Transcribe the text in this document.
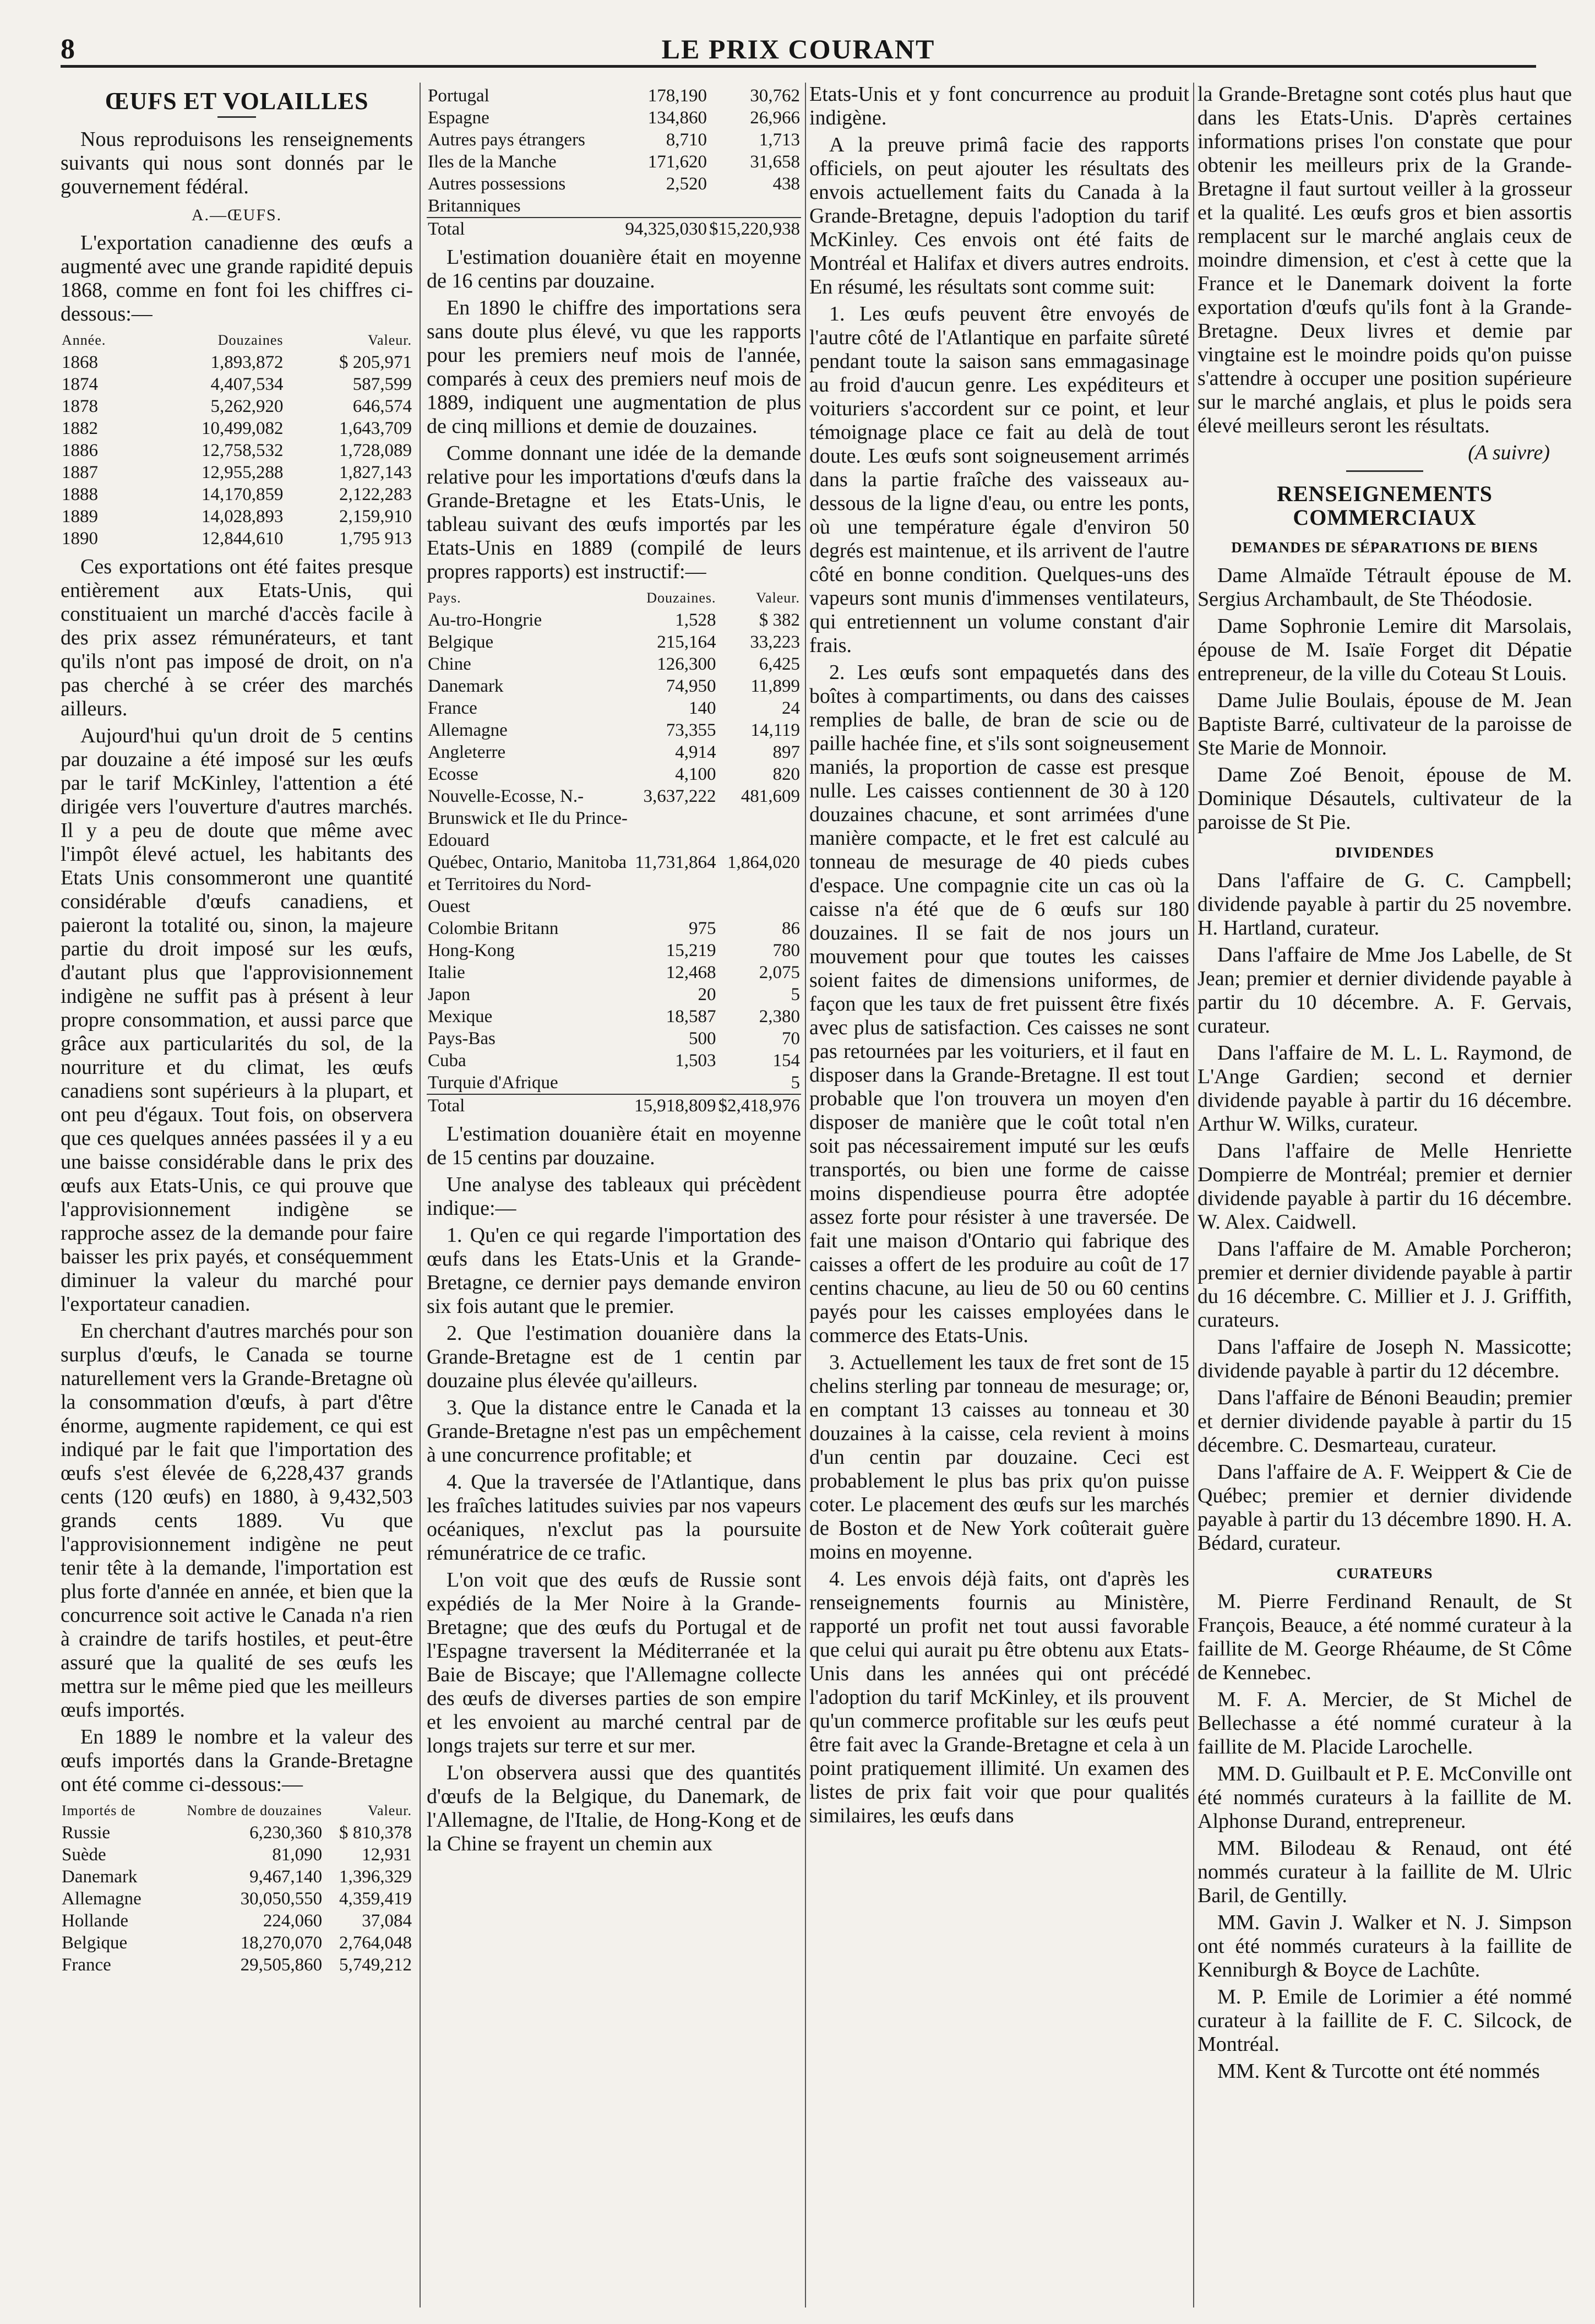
8	LE PRIX COURANT
ŒUFS ET VOLAILLES

Nous reproduisons les renseignements suivants qui nous sont donnés par le gouvernement fédéral.

A.—ŒUFS.

L'exportation canadienne des œufs a augmenté avec une grande rapidité depuis 1868, comme en font foi les chiffres ci-dessous:—

Année.	Douzaines	Valeur.
1868	1,893,872	$ 205,971
1874	4,407,534	587,599
1878	5,262,920	646,574
1882	10,499,082	1,643,709
1886	12,758,532	1,728,089
1887	12,955,288	1,827,143
1888	14,170,859	2,122,283
1889	14,028,893	2,159,910
1890	12,844,610	1,795 913

Ces exportations ont été faites presque entièrement aux Etats-Unis, qui constituaient un marché d'accès facile à des prix assez rémunérateurs, et tant qu'ils n'ont pas imposé de droit, on n'a pas cherché à se créer des marchés ailleurs.

Aujourd'hui qu'un droit de 5 centins par douzaine a été imposé sur les œufs par le tarif McKinley, l'attention a été dirigée vers l'ouverture d'autres marchés. Il y a peu de doute que même avec l'impôt élevé actuel, les habitants des Etats Unis consommeront une quantité considérable d'œufs canadiens, et paieront la totalité ou, sinon, la majeure partie du droit imposé sur les œufs, d'autant plus que l'approvisionnement indigène ne suffit pas à présent à leur propre consommation, et aussi parce que grâce aux particularités du sol, de la nourriture et du climat, les œufs canadiens sont supérieurs à la plupart, et ont peu d'égaux. Tout fois, on observera que ces quelques années passées il y a eu une baisse considérable dans le prix des œufs aux Etats-Unis, ce qui prouve que l'approvisionnement indigène se rapproche assez de la demande pour faire baisser les prix payés, et conséquemment diminuer la valeur du marché pour l'exportateur canadien.

En cherchant d'autres marchés pour son surplus d'œufs, le Canada se tourne naturellement vers la Grande-Bretagne où la consommation d'œufs, à part d'être énorme, augmente rapidement, ce qui est indiqué par le fait que l'importation des œufs s'est élevée de 6,228,437 grands cents (120 œufs) en 1880, à 9,432,503 grands cents 1889. Vu que l'approvisionnement indigène ne peut tenir tête à la demande, l'importation est plus forte d'année en année, et bien que la concurrence soit active le Canada n'a rien à craindre de tarifs hostiles, et peut-être assuré que la qualité de ses œufs les mettra sur le même pied que les meilleurs œufs importés.

En 1889 le nombre et la valeur des œufs importés dans la Grande-Bretagne ont été comme ci-dessous:—

Importés de	Nombre de douzaines	Valeur.
Russie	6,230,360	$ 810,378
Suède	81,090	12,931
Danemark	9,467,140	1,396,329
Allemagne	30,050,550	4,359,419
Hollande	224,060	37,084
Belgique	18,270,070	2,764,048
France	29,505,860	5,749,212
Portugal	178,190	30,762
Espagne	134,860	26,966
Autres pays étrangers	8,710	1,713
Iles de la Manche	171,620	31,658
Autres possessions Britanniques	2,520	438
Total	94,325,030	$15,220,938

L'estimation douanière était en moyenne de 16 centins par douzaine.

En 1890 le chiffre des importations sera sans doute plus élevé, vu que les rapports pour les premiers neuf mois de l'année, comparés à ceux des premiers neuf mois de 1889, indiquent une augmentation de plus de cinq millions et demie de douzaines.

Comme donnant une idée de la demande relative pour les importations d'œufs dans la Grande-Bretagne et les Etats-Unis, le tableau suivant des œufs importés par les Etats-Unis en 1889 (compilé de leurs propres rapports) est instructif:—

Pays.	Douzaines.	Valeur.
Au-tro-Hongrie	1,528	$ 382
Belgique	215,164	33,223
Chine	126,300	6,425
Danemark	74,950	11,899
France	140	24
Allemagne	73,355	14,119
Angleterre	4,914	897
Ecosse	4,100	820
Nouvelle-Ecosse, N.-Brunswick et Ile du Prince-Edouard	3,637,222	481,609
Québec, Ontario, Manitoba et Territoires du Nord-Ouest	11,731,864	1,864,020
Colombie Britann	975	86
Hong-Kong	15,219	780
Italie	12,468	2,075
Japon	20	5
Mexique	18,587	2,380
Pays-Bas	500	70
Cuba	1,503	154
Turquie d'Afrique		5
Total	15,918,809	$2,418,976

L'estimation douanière était en moyenne de 15 centins par douzaine.

Une analyse des tableaux qui précèdent indique:—

1. Qu'en ce qui regarde l'importation des œufs dans les Etats-Unis et la Grande-Bretagne, ce dernier pays demande environ six fois autant que le premier.

2. Que l'estimation douanière dans la Grande-Bretagne est de 1 centin par douzaine plus élevée qu'ailleurs.

3. Que la distance entre le Canada et la Grande-Bretagne n'est pas un empêchement à une concurrence profitable; et

4. Que la traversée de l'Atlantique, dans les fraîches latitudes suivies par nos vapeurs océaniques, n'exclut pas la poursuite rémunératrice de ce trafic.

L'on voit que des œufs de Russie sont expédiés de la Mer Noire à la Grande-Bretagne; que des œufs du Portugal et de l'Espagne traversent la Méditerranée et la Baie de Biscaye; que l'Allemagne collecte des œufs de diverses parties de son empire et les envoient au marché central par de longs trajets sur terre et sur mer.

L'on observera aussi que des quantités d'œufs de la Belgique, du Danemark, de l'Allemagne, de l'Italie, de Hong-Kong et de la Chine se frayent un chemin aux

Etats-Unis et y font concurrence au produit indigène.

A la preuve primâ facie des rapports officiels, on peut ajouter les résultats des envois actuellement faits du Canada à la Grande-Bretagne, depuis l'adoption du tarif McKinley. Ces envois ont été faits de Montréal et Halifax et divers autres endroits. En résumé, les résultats sont comme suit:

1. Les œufs peuvent être envoyés de l'autre côté de l'Atlantique en parfaite sûreté pendant toute la saison sans emmagasinage au froid d'aucun genre. Les expéditeurs et voituriers s'accordent sur ce point, et leur témoignage place ce fait au delà de tout doute. Les œufs sont soigneusement arrimés dans la partie fraîche des vaisseaux au-dessous de la ligne d'eau, ou entre les ponts, où une température égale d'environ 50 degrés est maintenue, et ils arrivent de l'autre côté en bonne condition. Quelques-uns des vapeurs sont munis d'immenses ventilateurs, qui entretiennent un volume constant d'air frais.

2. Les œufs sont empaquetés dans des boîtes à compartiments, ou dans des caisses remplies de balle, de bran de scie ou de paille hachée fine, et s'ils sont soigneusement maniés, la proportion de casse est presque nulle. Les caisses contiennent de 30 à 120 douzaines chacune, et sont arrimées d'une manière compacte, et le fret est calculé au tonneau de mesurage de 40 pieds cubes d'espace. Une compagnie cite un cas où la caisse n'a été que de 6 œufs sur 180 douzaines. Il se fait de nos jours un mouvement pour que toutes les caisses soient faites de dimensions uniformes, de façon que les taux de fret puissent être fixés avec plus de satisfaction. Ces caisses ne sont pas retournées par les voituriers, et il faut en disposer dans la Grande-Bretagne. Il est tout probable que l'on trouvera un moyen d'en disposer de manière que le coût total n'en soit pas nécessairement imputé sur les œufs transportés, ou bien une forme de caisse moins dispendieuse pourra être adoptée assez forte pour résister à une traversée. De fait une maison d'Ontario qui fabrique des caisses a offert de les produire au coût de 17 centins chacune, au lieu de 50 ou 60 centins payés pour les caisses employées dans le commerce des Etats-Unis.

3. Actuellement les taux de fret sont de 15 chelins sterling par tonneau de mesurage; or, en comptant 13 caisses au tonneau et 30 douzaines à la caisse, cela revient à moins d'un centin par douzaine. Ceci est probablement le plus bas prix qu'on puisse coter. Le placement des œufs sur les marchés de Boston et de New York coûterait guère moins en moyenne.

4. Les envois déjà faits, ont d'après les renseignements fournis au Ministère, rapporté un profit net tout aussi favorable que celui qui aurait pu être obtenu aux Etats-Unis dans les années qui ont précédé l'adoption du tarif McKinley, et ils prouvent qu'un commerce profitable sur les œufs peut être fait avec la Grande-Bretagne et cela à un point pratiquement illimité. Un examen des listes de prix fait voir que pour qualités similaires, les œufs dans

la Grande-Bretagne sont cotés plus haut que dans les Etats-Unis. D'après certaines informations prises l'on constate que pour obtenir les meilleurs prix de la Grande-Bretagne il faut surtout veiller à la grosseur et la qualité. Les œufs gros et bien assortis remplacent sur le marché anglais ceux de moindre dimension, et c'est à cette que la France et le Danemark doivent la forte exportation d'œufs qu'ils font à la Grande-Bretagne. Deux livres et demie par vingtaine est le moindre poids qu'on puisse s'attendre à occuper une position supérieure sur le marché anglais, et plus le poids sera élevé meilleurs seront les résultats.

(A suivre)
RENSEIGNEMENTS COMMERCIAUX
DEMANDES DE SÉPARATIONS DE BIENS

Dame Almaïde Tétrault épouse de M. Sergius Archambault, de Ste Théodosie.

Dame Sophronie Lemire dit Marsolais, épouse de M. Isaïe Forget dit Dépatie entrepreneur, de la ville du Coteau St Louis.

Dame Julie Boulais, épouse de M. Jean Baptiste Barré, cultivateur de la paroisse de Ste Marie de Monnoir.

Dame Zoé Benoit, épouse de M. Dominique Désautels, cultivateur de la paroisse de St Pie.

DIVIDENDES

Dans l'affaire de G. C. Campbell; dividende payable à partir du 25 novembre. H. Hartland, curateur.

Dans l'affaire de Mme Jos Labelle, de St Jean; premier et dernier dividende payable à partir du 10 décembre. A. F. Gervais, curateur.

Dans l'affaire de M. L. L. Raymond, de L'Ange Gardien; second et dernier dividende payable à partir du 16 décembre. Arthur W. Wilks, curateur.

Dans l'affaire de Melle Henriette Dompierre de Montréal; premier et dernier dividende payable à partir du 16 décembre. W. Alex. Caidwell.

Dans l'affaire de M. Amable Porcheron; premier et dernier dividende payable à partir du 16 décembre. C. Millier et J. J. Griffith, curateurs.

Dans l'affaire de Joseph N. Massicotte; dividende payable à partir du 12 décembre.

Dans l'affaire de Bénoni Beaudin; premier et dernier dividende payable à partir du 15 décembre. C. Desmarteau, curateur.

Dans l'affaire de A. F. Weippert & Cie de Québec; premier et dernier dividende payable à partir du 13 décembre 1890. H. A. Bédard, curateur.

CURATEURS

M. Pierre Ferdinand Renault, de St François, Beauce, a été nommé curateur à la faillite de M. George Rhéaume, de St Côme de Kennebec.

M. F. A. Mercier, de St Michel de Bellechasse a été nommé curateur à la faillite de M. Placide Larochelle.

MM. D. Guilbault et P. E. McConville ont été nommés curateurs à la faillite de M. Alphonse Durand, entrepreneur.

MM. Bilodeau & Renaud, ont été nommés curateur à la faillite de M. Ulric Baril, de Gentilly.

MM. Gavin J. Walker et N. J. Simpson ont été nommés curateurs à la faillite de Kenniburgh & Boyce de Lachûte.

M. P. Emile de Lorimier a été nommé curateur à la faillite de F. C. Silcock, de Montréal.

MM. Kent & Turcotte ont été nommés
